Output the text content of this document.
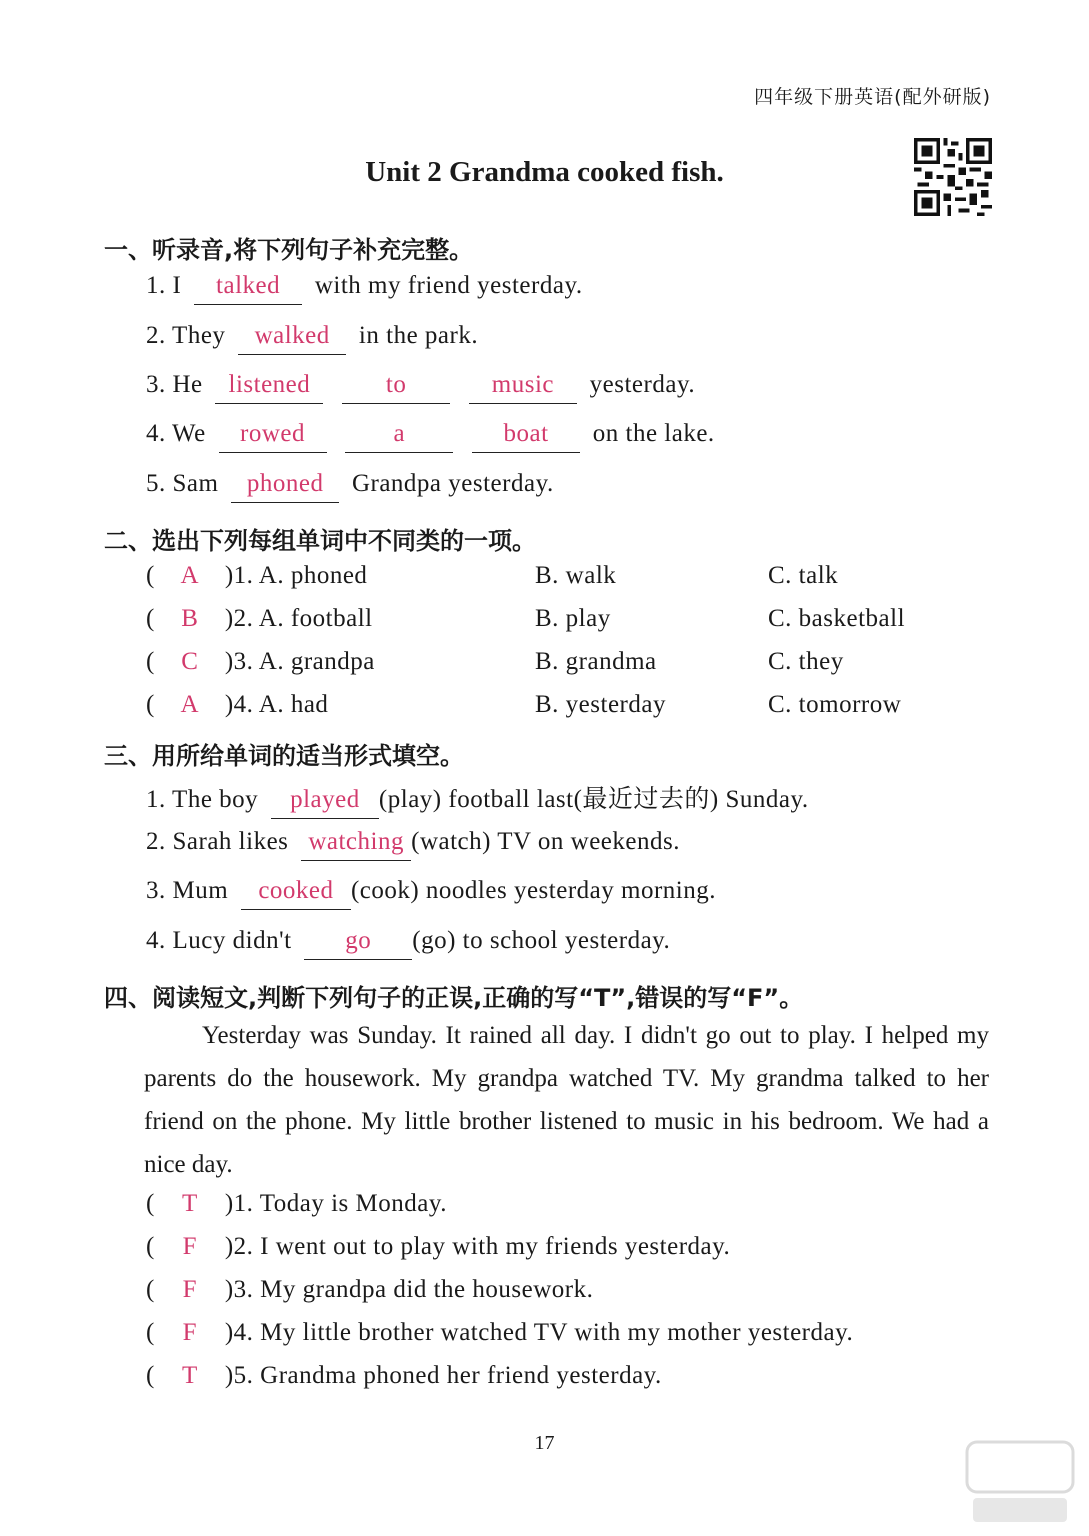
四年级下册英语(配外研版)
Unit 2 Grandma cooked fish.
一、听录音,将下列句子补充完整。
1. I talked with my friend yesterday.
2. They walked in the park.
3. He listened	to	music yesterday.
4. We rowed	a	boat on the lake.
5. Sam phoned Grandpa yesterday.
二、选出下列每组单词中不同类的一项。
( A )1. A. phoned	B. walk	C. talk
( B )2. A. football	B. play	C. basketball
( C )3. A. grandpa	B. grandma	C. they
( A )4. A. had	B. yesterday	C. tomorrow
三、用所给单词的适当形式填空。
1. The boy played (play) football last(最近过去的) Sunday.
2. Sarah likes watching (watch) TV on weekends.
3. Mum cooked (cook) noodles yesterday morning.
4. Lucy didn't go (go) to school yesterday.
四、阅读短文,判断下列句子的正误,正确的写“T”,错误的写“F”。
Yesterday was Sunday. It rained all day. I didn't go out to play. I helped my parents do the housework. My grandpa watched TV. My grandma talked to her friend on the phone. My little brother listened to music in his bedroom. We had a nice day.
( T )1. Today is Monday.
( F )2. I went out to play with my friends yesterday.
( F )3. My grandpa did the housework.
( F )4. My little brother watched TV with my mother yesterday.
( T )5. Grandma phoned her friend yesterday.
17
